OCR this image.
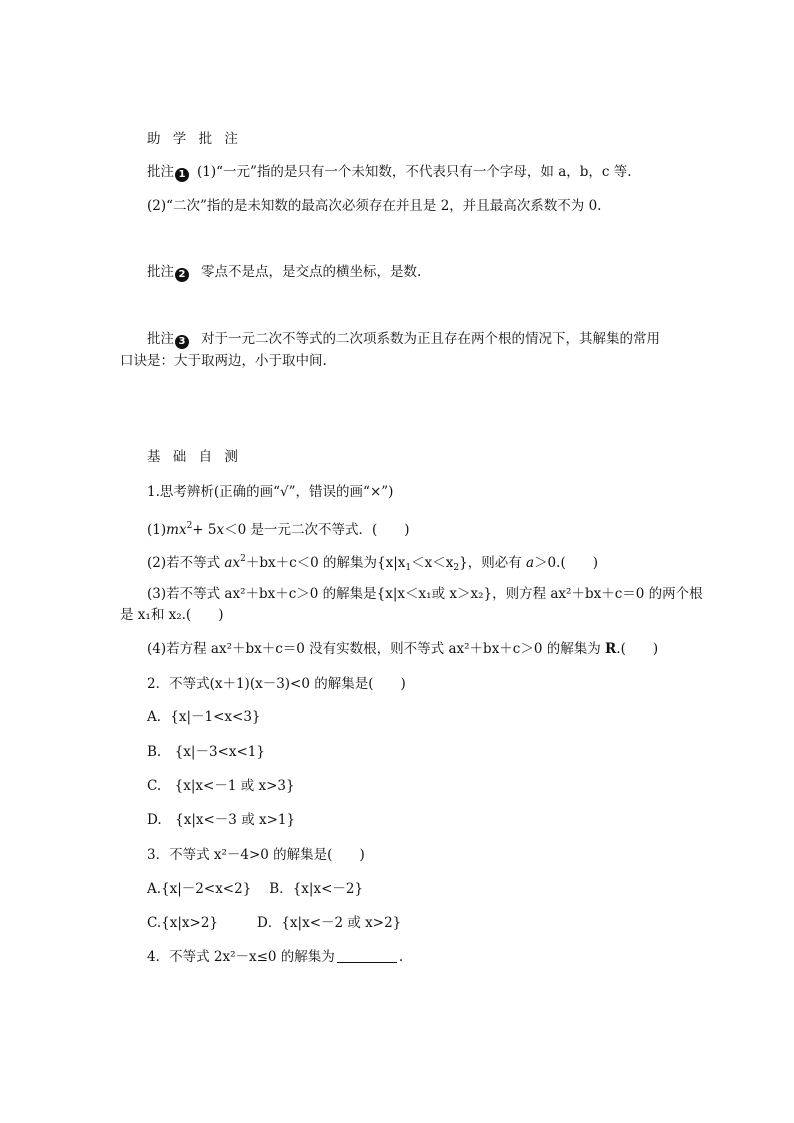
助 学 批 注
批注 1 (1)“一元”指的是只有一个未知数，不代表只有一个字母，如 a，b，c 等.
(2)“二次”指的是未知数的最高次必须存在并且是 2，并且最高次系数不为 0.
批注 2 零点不是点，是交点的横坐标，是数.
批注 3 对于一元二次不等式的二次项系数为正且存在两个根的情况下，其解集的常用
口诀是：大于取两边，小于取中间.
基 础 自 测
1.思考辨析(正确的画“√”，错误的画“×”)
$(1)mx^2+ 5x<0$ 是一元二次不等式．(　　)
(2)若不等式 $ax^2+bx+c<0$ 的解集为$\{x|x_1<x<x_2\}$，则必有 a＞0.(　　)
(3)若不等式 ax²＋bx＋c＞0 的解集是{x|x＜x₁或 x＞x₂}，则方程 ax²＋bx＋c＝0 的两个根
是 x₁和 x₂.(　　)
(4)若方程 ax²＋bx＋c＝0 没有实数根，则不等式 ax²＋bx＋c＞0 的解集为 R.(　　)
2．不等式(x＋1)(x－3)<0 的解集是(　　)
A．{x|－1<x<3}
B.　{x|－3<x<1}
C.　{x|x<－1 或 x>3}
D.　{x|x<－3 或 x>1}
3．不等式 x²－4>0 的解集是(　　)
A.{x|－2<x<2} B．{x|x<－2}
C.{x|x>2}	D．{x|x<－2 或 x>2}
4．不等式 2x²－x≤0 的解集为	.
